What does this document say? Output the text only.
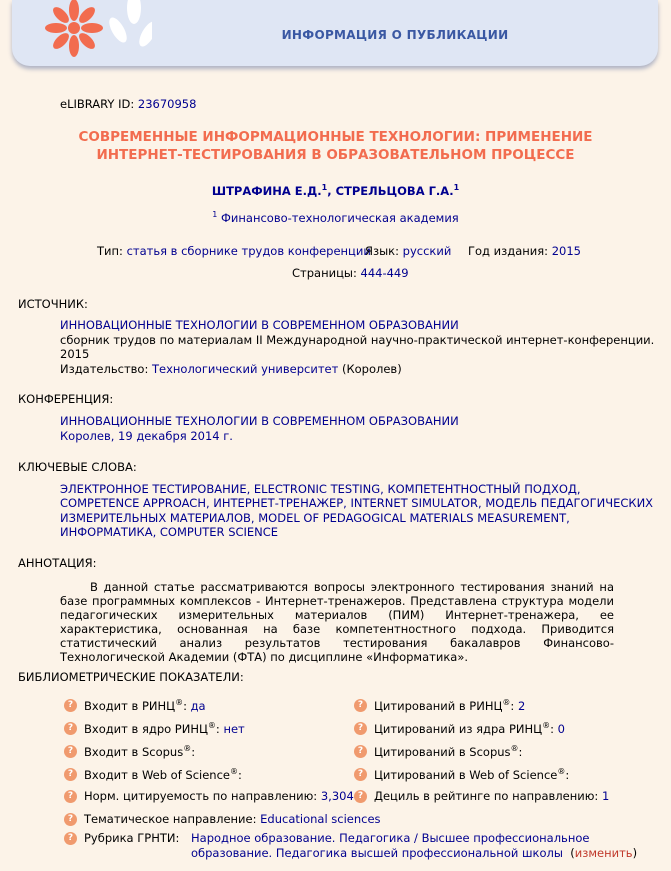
ИНФОРМАЦИЯ О ПУБЛИКАЦИИ
eLIBRARY ID: 23670958
СОВРЕМЕННЫЕ ИНФОРМАЦИОННЫЕ ТЕХНОЛОГИИ: ПРИМЕНЕНИЕ
ИНТЕРНЕТ-ТЕСТИРОВАНИЯ В ОБРАЗОВАТЕЛЬНОМ ПРОЦЕССЕ
ШТРАФИНА Е.Д.$^1$, СТРЕЛЬЦОВА Г.А.$^1$
$^1$ Финансово-технологическая академия
Тип: статья в сборнике трудов конференции
Язык: русский Год издания: 2015
Страницы: 444-449
ИСТОЧНИК:
ИННОВАЦИОННЫЕ ТЕХНОЛОГИИ В СОВРЕМЕННОМ ОБРАЗОВАНИИ
сборник трудов по материалам II Международной научно-практической интернет-конференции.
2015
Издательство: Технологический университет (Королев)
КОНФЕРЕНЦИЯ:
ИННОВАЦИОННЫЕ ТЕХНОЛОГИИ В СОВРЕМЕННОМ ОБРАЗОВАНИИ
Королев, 19 декабря 2014 г.
КЛЮЧЕВЫЕ СЛОВА:
ЭЛЕКТРОННОЕ ТЕСТИРОВАНИЕ, ELECTRONIC TESTING, КОМПЕТЕНТНОСТНЫЙ ПОДХОД,
COMPETENCE APPROACH, ИНТЕРНЕТ-ТРЕНАЖЕР, INTERNET SIMULATOR, МОДЕЛЬ ПЕДАГОГИЧЕСКИХ
ИЗМЕРИТЕЛЬНЫХ МАТЕРИАЛОВ, MODEL OF PEDAGOGICAL MATERIALS MEASUREMENT,
ИНФОРМАТИКА, COMPUTER SCIENCE
АННОТАЦИЯ:
В данной статье рассматриваются вопросы электронного тестирования знаний на базе программных комплексов - Интернет-тренажеров. Представлена структура модели педагогических измерительных материалов (ПИМ) Интернет-тренажера, ее характеристика, основанная на базе компетентностного подхода. Приводится статистический анализ результатов тестирования бакалавров Финансово-Технологической Академии (ФТА) по дисциплине «Информатика».
БИБЛИОМЕТРИЧЕСКИЕ ПОКАЗАТЕЛИ:
? Входит в РИНЦ®: да
? Входит в ядро РИНЦ®: нет
? Входит в Scopus®:
? Входит в Web of Science®:
? Норм. цитируемость по направлению: 3,304
? Цитирований в РИНЦ®: 2
? Цитирований из ядра РИНЦ®: 0
? Цитирований в Scopus®:
? Цитирований в Web of Science®:
? Дециль в рейтинге по направлению: 1
? Тематическое направление: Educational sciences
? Рубрика ГРНТИ: Народное образование. Педагогика / Высшее профессиональное
образование. Педагогика высшей профессиональной школы  (изменить)
